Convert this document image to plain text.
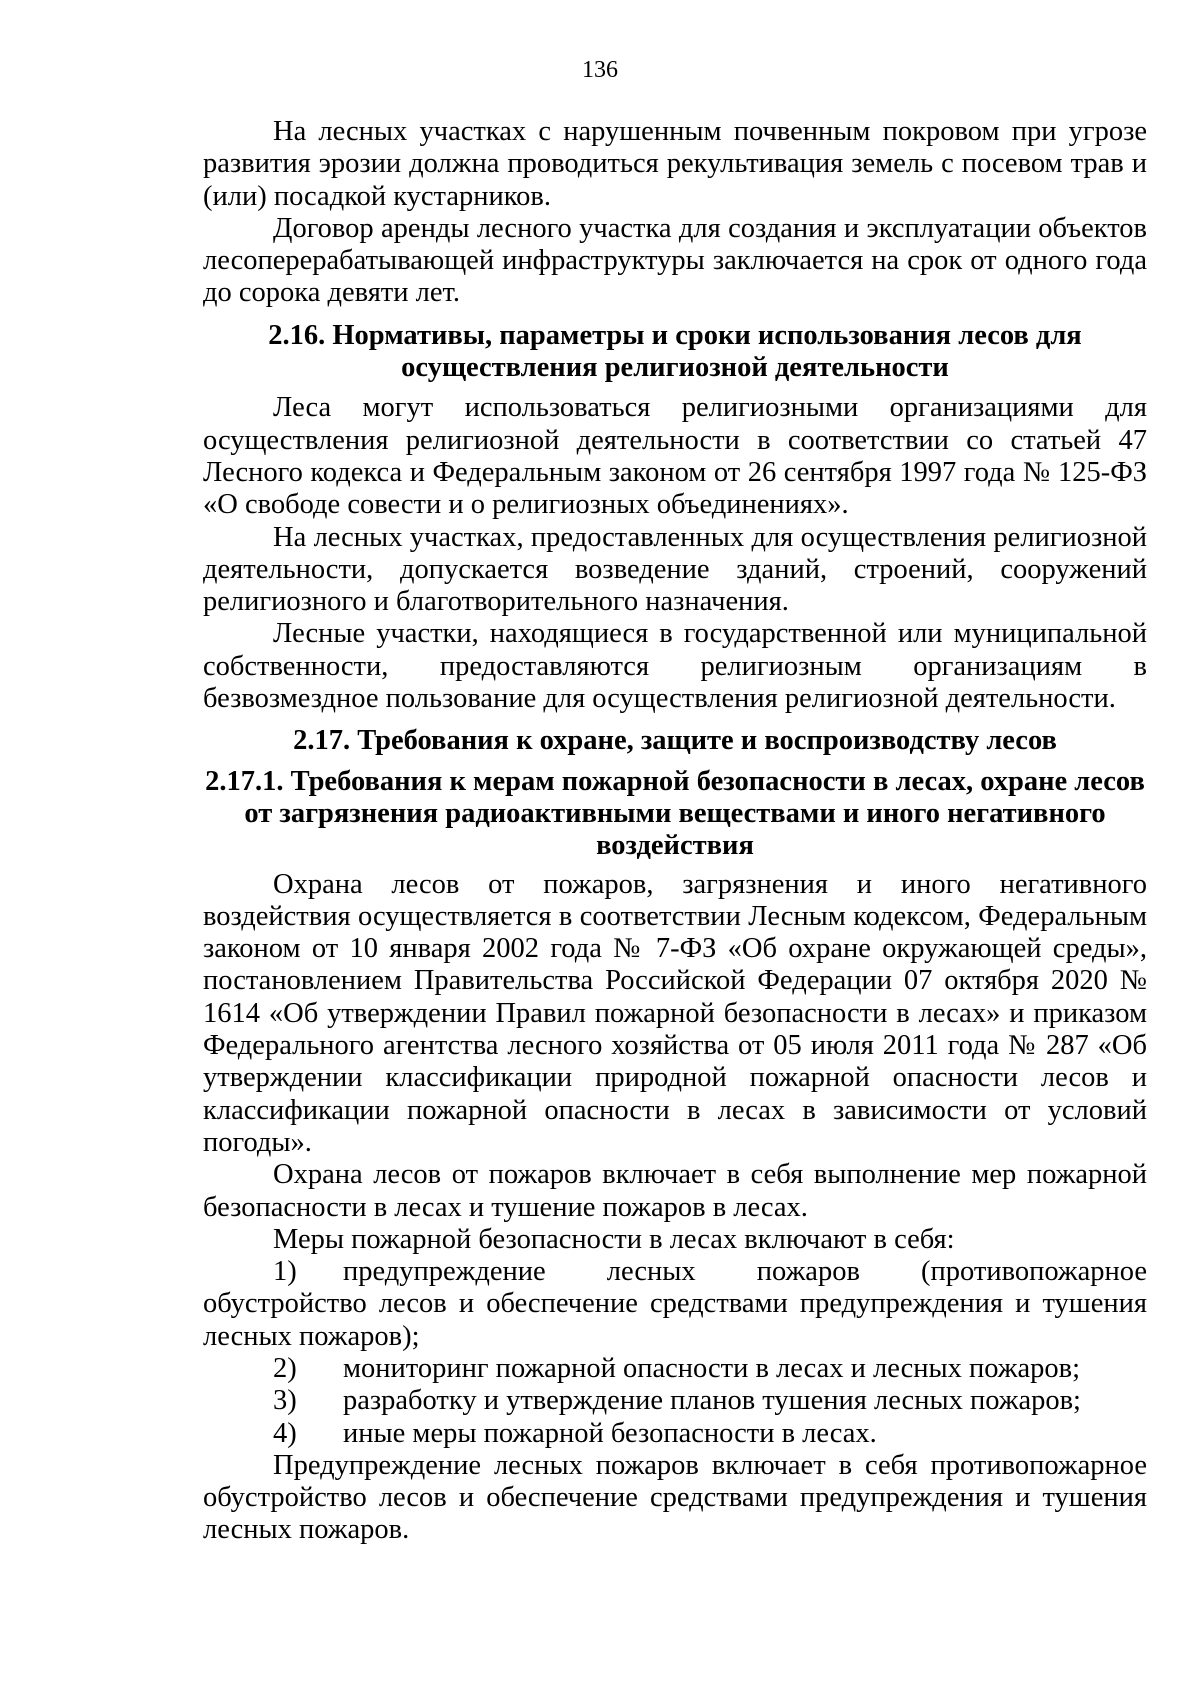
136

На лесных участках с нарушенным почвенным покровом при угрозе развития эрозии должна проводиться рекультивация земель с посевом трав и (или) посадкой кустарников.

Договор аренды лесного участка для создания и эксплуатации объектов лесоперерабатывающей инфраструктуры заключается на срок от одного года до сорока девяти лет.

2.16. Нормативы, параметры и сроки использования лесов для осуществления религиозной деятельности

Леса могут использоваться религиозными организациями для осуществления религиозной деятельности в соответствии со статьей 47 Лесного кодекса и Федеральным законом от 26 сентября 1997 года № 125-ФЗ «О свободе совести и о религиозных объединениях».

На лесных участках, предоставленных для осуществления религиозной деятельности, допускается возведение зданий, строений, сооружений религиозного и благотворительного назначения.

Лесные участки, находящиеся в государственной или муниципальной собственности, предоставляются религиозным организациям в безвозмездное пользование для осуществления религиозной деятельности.

2.17. Требования к охране, защите и воспроизводству лесов
2.17.1. Требования к мерам пожарной безопасности в лесах, охране лесов от загрязнения радиоактивными веществами и иного негативного воздействия

Охрана лесов от пожаров, загрязнения и иного негативного воздействия осуществляется в соответствии Лесным кодексом, Федеральным законом от 10 января 2002 года № 7-ФЗ «Об охране окружающей среды», постановлением Правительства Российской Федерации 07 октября 2020 № 1614 «Об утверждении Правил пожарной безопасности в лесах» и приказом Федерального агентства лесного хозяйства от 05 июля 2011 года № 287 «Об утверждении классификации природной пожарной опасности лесов и классификации пожарной опасности в лесах в зависимости от условий погоды».

Охрана лесов от пожаров включает в себя выполнение мер пожарной безопасности в лесах и тушение пожаров в лесах.

Меры пожарной безопасности в лесах включают в себя:

1) предупреждение лесных пожаров (противопожарное обустройство лесов и обеспечение средствами предупреждения и тушения лесных пожаров);

2) мониторинг пожарной опасности в лесах и лесных пожаров;

3) разработку и утверждение планов тушения лесных пожаров;

4) иные меры пожарной безопасности в лесах.

Предупреждение лесных пожаров включает в себя противопожарное обустройство лесов и обеспечение средствами предупреждения и тушения лесных пожаров.
